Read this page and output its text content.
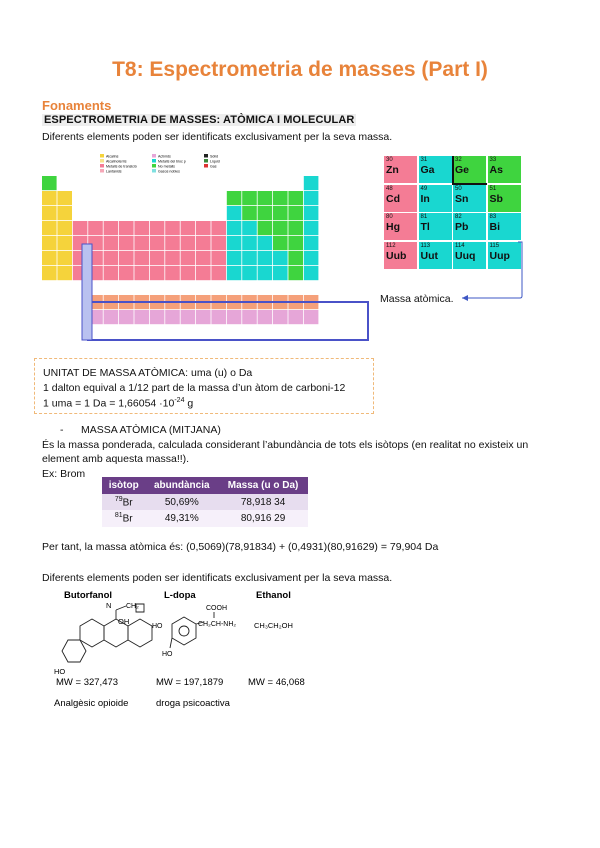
T8: Espectrometria de masses (Part I)
Fonaments
ESPECTROMETRIA DE MASSES: ATÒMICA I MOLECULAR
Diferents elements poden ser identificats exclusivament per la seva massa.
Alcalins
Alcalinoterris
Metalls de transició
Lantànids
Actínids
Metalls del bloc p
No metalls
Gasos nobles
Sòlid
Líquid
Gas
30
Zn
31
Ga
32
Ge
33
As
48
Cd
49
In
50
Sn
51
Sb
80
Hg
81
Tl
82
Pb
83
Bi
112
Uub
113
Uut
114
Uuq
115
Uup
Massa atòmica.
UNITAT DE MASSA ATÒMICA: uma (u) o Da
1 dalton equival a 1/12 part de la massa d’un àtom de carboni-12
1 uma = 1 $Da = 1,66054 \cdot 10^{-24}$ g
-      MASSA ATÒMICA (MITJANA)
És la massa ponderada, calculada considerant l’abundància de tots els isòtops (en realitat no existeix un element amb aquesta massa!!).
Ex: Brom
isòtop	abundància	Massa (u o Da)
$^{79}$Br	50,69%	78,918 34
$^{81}$Br	49,31%	80,916 29
Per tant, la massa atòmica és: (0,5069)(78,91834) + (0,4931)(80,91629) = 79,904 Da
Diferents elements poden ser identificats exclusivament per la seva massa.
Butorfanol
N CH₂
OH
HO
MW = 327,473
Analgèsic opioide
L-dopa
COOH
HO	CH₂CH-NH₂
HO
MW = 197,1879
droga psicoactiva
Ethanol
CH₃CH₂OH
MW = 46,068
